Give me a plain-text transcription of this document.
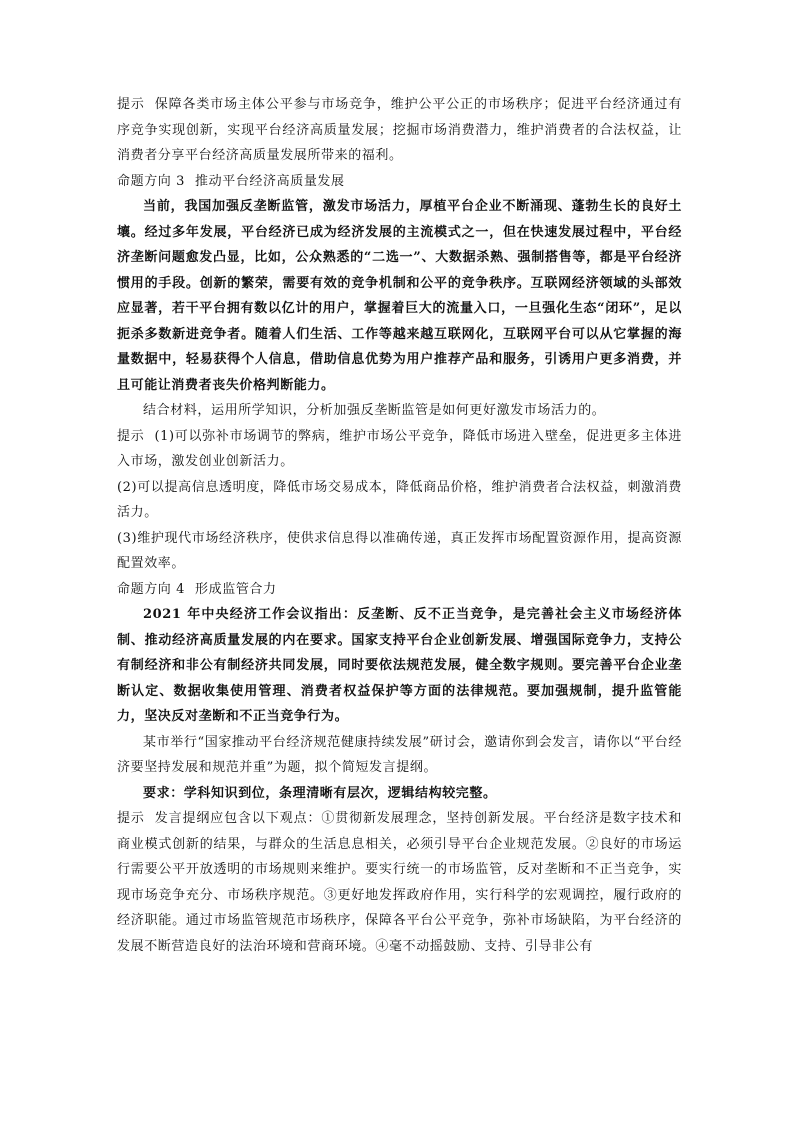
提示 保障各类市场主体公平参与市场竞争，维护公平公正的市场秩序；促进平台经济通过有序竞争实现创新，实现平台经济高质量发展；挖掘市场消费潜力，维护消费者的合法权益，让消费者分享平台经济高质量发展所带来的福利。

命题方向 3 推动平台经济高质量发展

当前，我国加强反垄断监管，激发市场活力，厚植平台企业不断涌现、蓬勃生长的良好土壤。经过多年发展，平台经济已成为经济发展的主流模式之一，但在快速发展过程中，平台经济垄断问题愈发凸显，比如，公众熟悉的“二选一”、大数据杀熟、强制搭售等，都是平台经济惯用的手段。创新的繁荣，需要有效的竞争机制和公平的竞争秩序。互联网经济领域的头部效应显著，若干平台拥有数以亿计的用户，掌握着巨大的流量入口，一旦强化生态“闭环”，足以扼杀多数新进竞争者。随着人们生活、工作等越来越互联网化，互联网平台可以从它掌握的海量数据中，轻易获得个人信息，借助信息优势为用户推荐产品和服务，引诱用户更多消费，并且可能让消费者丧失价格判断能力。

结合材料，运用所学知识，分析加强反垄断监管是如何更好激发市场活力的。

提示 (1)可以弥补市场调节的弊病，维护市场公平竞争，降低市场进入壁垒，促进更多主体进入市场，激发创业创新活力。

(2)可以提高信息透明度，降低市场交易成本，降低商品价格，维护消费者合法权益，刺激消费活力。

(3)维护现代市场经济秩序，使供求信息得以准确传递，真正发挥市场配置资源作用，提高资源配置效率。

命题方向 4 形成监管合力

2021 年中央经济工作会议指出：反垄断、反不正当竞争，是完善社会主义市场经济体制、推动经济高质量发展的内在要求。国家支持平台企业创新发展、增强国际竞争力，支持公有制经济和非公有制经济共同发展，同时要依法规范发展，健全数字规则。要完善平台企业垄断认定、数据收集使用管理、消费者权益保护等方面的法律规范。要加强规制，提升监管能力，坚决反对垄断和不正当竞争行为。

某市举行“国家推动平台经济规范健康持续发展”研讨会，邀请你到会发言，请你以“平台经济要坚持发展和规范并重”为题，拟个简短发言提纲。

要求：学科知识到位，条理清晰有层次，逻辑结构较完整。

提示 发言提纲应包含以下观点：①贯彻新发展理念，坚持创新发展。平台经济是数字技术和商业模式创新的结果，与群众的生活息息相关，必须引导平台企业规范发展。②良好的市场运行需要公平开放透明的市场规则来维护。要实行统一的市场监管，反对垄断和不正当竞争，实现市场竞争充分、市场秩序规范。③更好地发挥政府作用，实行科学的宏观调控，履行政府的经济职能。通过市场监管规范市场秩序，保障各平台公平竞争，弥补市场缺陷，为平台经济的发展不断营造良好的法治环境和营商环境。④毫不动摇鼓励、支持、引导非公有
